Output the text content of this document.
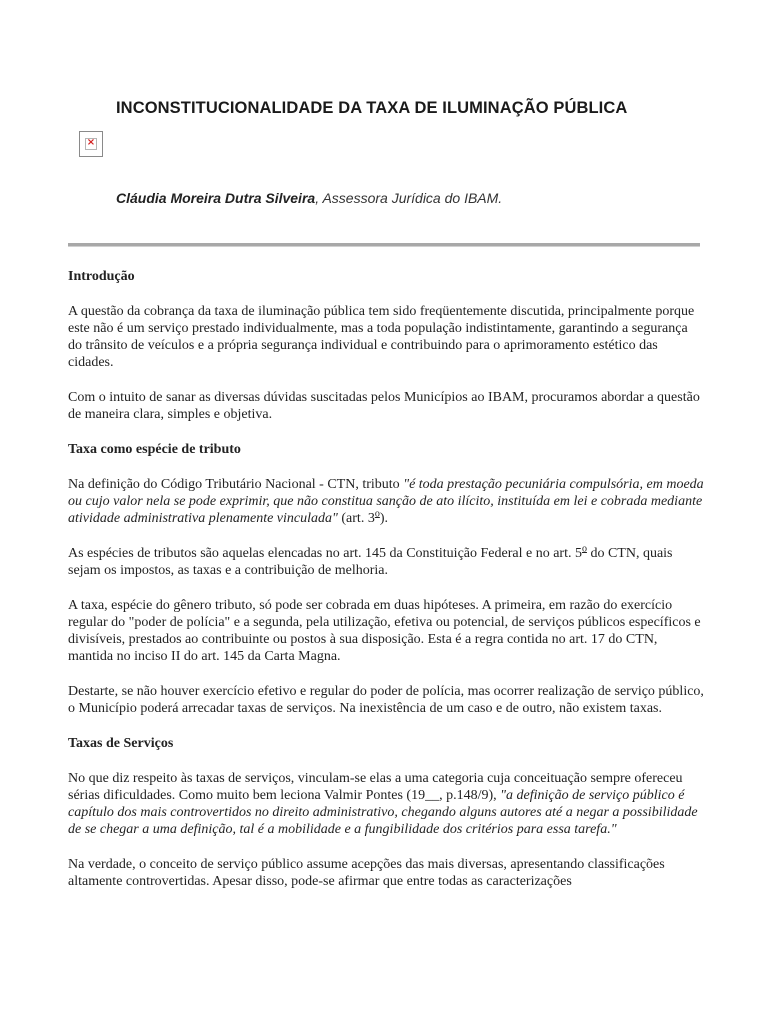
INCONSTITUCIONALIDADE DA TAXA DE ILUMINAÇÃO PÚBLICA
×
Cláudia Moreira Dutra Silveira, Assessora Jurídica do IBAM.
Introdução

A questão da cobrança da taxa de iluminação pública tem sido freqüentemente discutida, principalmente porque este não é um serviço prestado individualmente, mas a toda população indistintamente, garantindo a segurança do trânsito de veículos e a própria segurança individual e contribuindo para o aprimoramento estético das cidades.

Com o intuito de sanar as diversas dúvidas suscitadas pelos Municípios ao IBAM, procuramos abordar a questão de maneira clara, simples e objetiva.

Taxa como espécie de tributo

Na definição do Código Tributário Nacional - CTN, tributo "é toda prestação pecuniária compulsória, em moeda ou cujo valor nela se pode exprimir, que não constitua sanção de ato ilícito, instituída em lei e cobrada mediante atividade administrativa plenamente vinculada" (art. 3$^o$).

As espécies de tributos são aquelas elencadas no art. 145 da Constituição Federal e no art. 5$^o$ do CTN, quais sejam os impostos, as taxas e a contribuição de melhoria.

A taxa, espécie do gênero tributo, só pode ser cobrada em duas hipóteses. A primeira, em razão do exercício regular do "poder de polícia" e a segunda, pela utilização, efetiva ou potencial, de serviços públicos específicos e divisíveis, prestados ao contribuinte ou postos à sua disposição. Esta é a regra contida no art. 17 do CTN, mantida no inciso II do art. 145 da Carta Magna.

Destarte, se não houver exercício efetivo e regular do poder de polícia, mas ocorrer realização de serviço público, o Município poderá arrecadar taxas de serviços. Na inexistência de um caso e de outro, não existem taxas.

Taxas de Serviços

No que diz respeito às taxas de serviços, vinculam-se elas a uma categoria cuja conceituação sempre ofereceu sérias dificuldades. Como muito bem leciona Valmir Pontes (19__, p.148/9), "a definição de serviço público é capítulo dos mais controvertidos no direito administrativo, chegando alguns autores até a negar a possibilidade de se chegar a uma definição, tal é a mobilidade e a fungibilidade dos critérios para essa tarefa."

Na verdade, o conceito de serviço público assume acepções das mais diversas, apresentando classificações altamente controvertidas. Apesar disso, pode-se afirmar que entre todas as caracterizações
